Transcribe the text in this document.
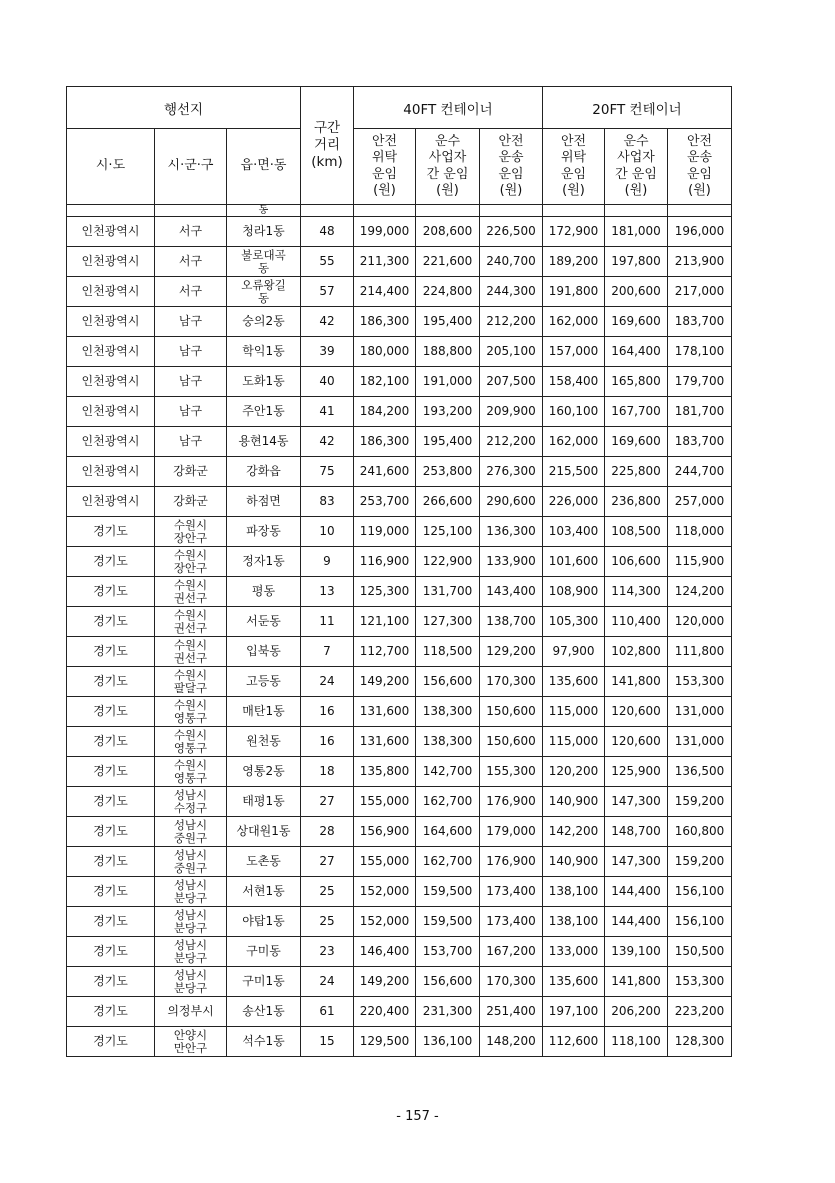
행선지			구간
거리
(km)	40FT 컨테이너			20FT 컨테이너		
시·도	시·군·구	읍·면·동		안전
위탁
운임
(원)	운수
사업자
간 운임
(원)	안전
운송
운임
(원)	안전
위탁
운임
(원)	운수
사업자
간 운임
(원)	안전
운송
운임
(원)

		동							
인천광역시	서구	청라1동	48	199,000	208,600	226,500	172,900	181,000	196,000
인천광역시	서구	불로대곡
동	55	211,300	221,600	240,700	189,200	197,800	213,900
인천광역시	서구	오류왕길
동	57	214,400	224,800	244,300	191,800	200,600	217,000
인천광역시	남구	숭의2동	42	186,300	195,400	212,200	162,000	169,600	183,700
인천광역시	남구	학익1동	39	180,000	188,800	205,100	157,000	164,400	178,100
인천광역시	남구	도화1동	40	182,100	191,000	207,500	158,400	165,800	179,700
인천광역시	남구	주안1동	41	184,200	193,200	209,900	160,100	167,700	181,700
인천광역시	남구	용현14동	42	186,300	195,400	212,200	162,000	169,600	183,700
인천광역시	강화군	강화읍	75	241,600	253,800	276,300	215,500	225,800	244,700
인천광역시	강화군	하점면	83	253,700	266,600	290,600	226,000	236,800	257,000
경기도	수원시
장안구	파장동	10	119,000	125,100	136,300	103,400	108,500	118,000
경기도	수원시
장안구	정자1동	9	116,900	122,900	133,900	101,600	106,600	115,900
경기도	수원시
권선구	평동	13	125,300	131,700	143,400	108,900	114,300	124,200
경기도	수원시
권선구	서둔동	11	121,100	127,300	138,700	105,300	110,400	120,000
경기도	수원시
권선구	입북동	7	112,700	118,500	129,200	97,900	102,800	111,800
경기도	수원시
팔달구	고등동	24	149,200	156,600	170,300	135,600	141,800	153,300
경기도	수원시
영통구	매탄1동	16	131,600	138,300	150,600	115,000	120,600	131,000
경기도	수원시
영통구	원천동	16	131,600	138,300	150,600	115,000	120,600	131,000
경기도	수원시
영통구	영통2동	18	135,800	142,700	155,300	120,200	125,900	136,500
경기도	성남시
수정구	태평1동	27	155,000	162,700	176,900	140,900	147,300	159,200
경기도	성남시
중원구	상대원1동	28	156,900	164,600	179,000	142,200	148,700	160,800
경기도	성남시
중원구	도촌동	27	155,000	162,700	176,900	140,900	147,300	159,200
경기도	성남시
분당구	서현1동	25	152,000	159,500	173,400	138,100	144,400	156,100
경기도	성남시
분당구	야탑1동	25	152,000	159,500	173,400	138,100	144,400	156,100
경기도	성남시
분당구	구미동	23	146,400	153,700	167,200	133,000	139,100	150,500
경기도	성남시
분당구	구미1동	24	149,200	156,600	170,300	135,600	141,800	153,300
경기도	의정부시	송산1동	61	220,400	231,300	251,400	197,100	206,200	223,200
경기도	안양시
만안구	석수1동	15	129,500	136,100	148,200	112,600	118,100	128,300
- 157 -
